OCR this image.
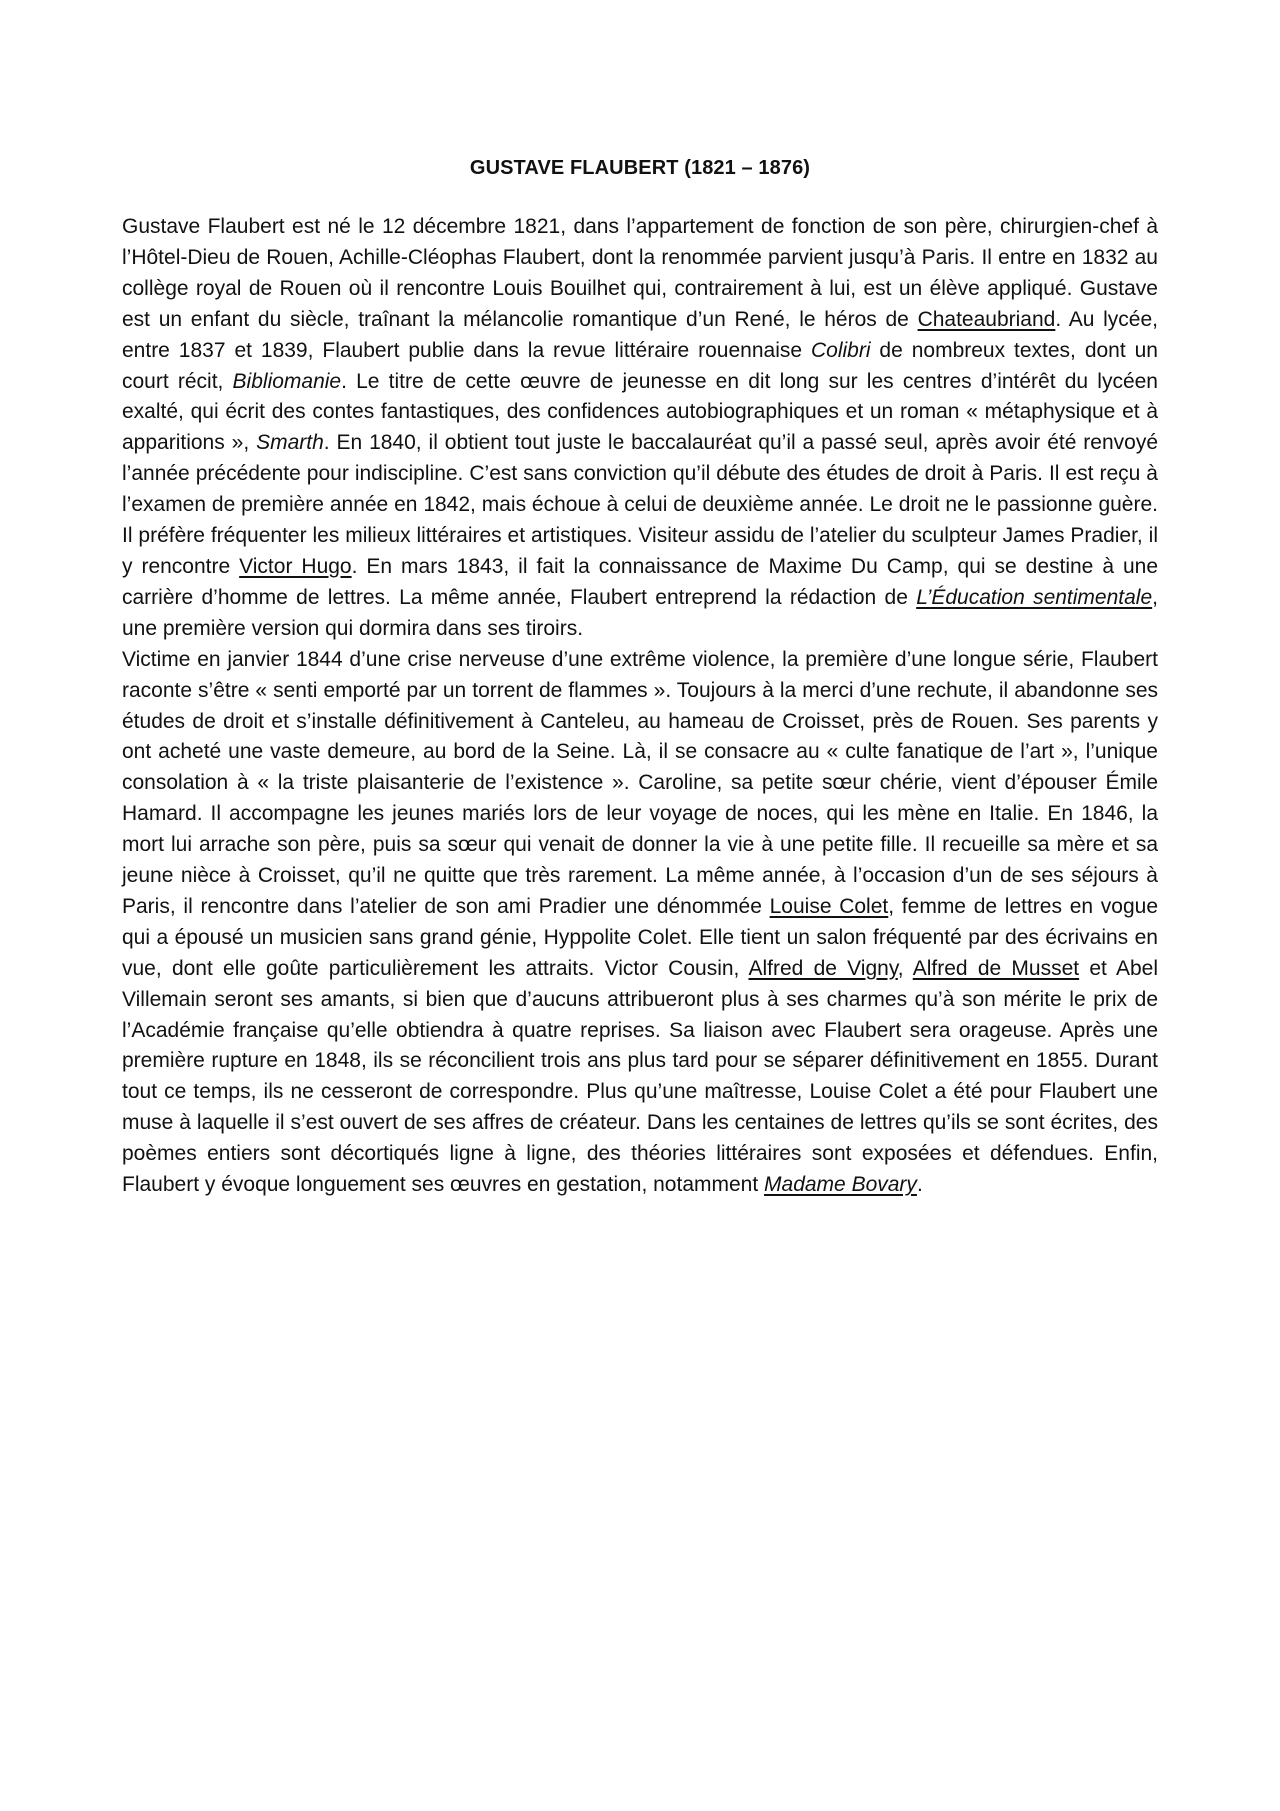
GUSTAVE FLAUBERT (1821 – 1876)

Gustave Flaubert est né le 12 décembre 1821, dans l’appartement de fonction de son père, chirurgien-chef à l’Hôtel-Dieu de Rouen, Achille-Cléophas Flaubert, dont la renommée parvient jusqu’à Paris. Il entre en 1832 au collège royal de Rouen où il rencontre Louis Bouilhet qui, contrairement à lui, est un élève appliqué. Gustave est un enfant du siècle, traînant la mélancolie romantique d’un René, le héros de Chateaubriand. Au lycée, entre 1837 et 1839, Flaubert publie dans la revue littéraire rouennaise Colibri de nombreux textes, dont un court récit, Bibliomanie. Le titre de cette œuvre de jeunesse en dit long sur les centres d’intérêt du lycéen exalté, qui écrit des contes fantastiques, des confidences autobiographiques et un roman « métaphysique et à apparitions », Smarth. En 1840, il obtient tout juste le baccalauréat qu’il a passé seul, après avoir été renvoyé l’année précédente pour indiscipline. C’est sans conviction qu’il débute des études de droit à Paris. Il est reçu à l’examen de première année en 1842, mais échoue à celui de deuxième année. Le droit ne le passionne guère. Il préfère fréquenter les milieux littéraires et artistiques. Visiteur assidu de l’atelier du sculpteur James Pradier, il y rencontre Victor Hugo. En mars 1843, il fait la connaissance de Maxime Du Camp, qui se destine à une carrière d’homme de lettres. La même année, Flaubert entreprend la rédaction de L’Éducation sentimentale, une première version qui dormira dans ses tiroirs.

Victime en janvier 1844 d’une crise nerveuse d’une extrême violence, la première d’une longue série, Flaubert raconte s’être « senti emporté par un torrent de flammes ». Toujours à la merci d’une rechute, il abandonne ses études de droit et s’installe définitivement à Canteleu, au hameau de Croisset, près de Rouen. Ses parents y ont acheté une vaste demeure, au bord de la Seine. Là, il se consacre au « culte fanatique de l’art », l’unique consolation à « la triste plaisanterie de l’existence ». Caroline, sa petite sœur chérie, vient d’épouser Émile Hamard. Il accompagne les jeunes mariés lors de leur voyage de noces, qui les mène en Italie. En 1846, la mort lui arrache son père, puis sa sœur qui venait de donner la vie à une petite fille. Il recueille sa mère et sa jeune nièce à Croisset, qu’il ne quitte que très rarement. La même année, à l’occasion d’un de ses séjours à Paris, il rencontre dans l’atelier de son ami Pradier une dénommée Louise Colet, femme de lettres en vogue qui a épousé un musicien sans grand génie, Hyppolite Colet. Elle tient un salon fréquenté par des écrivains en vue, dont elle goûte particulièrement les attraits. Victor Cousin, Alfred de Vigny, Alfred de Musset et Abel Villemain seront ses amants, si bien que d’aucuns attribueront plus à ses charmes qu’à son mérite le prix de l’Académie française qu’elle obtiendra à quatre reprises. Sa liaison avec Flaubert sera orageuse. Après une première rupture en 1848, ils se réconcilient trois ans plus tard pour se séparer définitivement en 1855. Durant tout ce temps, ils ne cesseront de correspondre. Plus qu’une maîtresse, Louise Colet a été pour Flaubert une muse à laquelle il s’est ouvert de ses affres de créateur. Dans les centaines de lettres qu’ils se sont écrites, des poèmes entiers sont décortiqués ligne à ligne, des théories littéraires sont exposées et défendues. Enfin, Flaubert y évoque longuement ses œuvres en gestation, notamment Madame Bovary.
